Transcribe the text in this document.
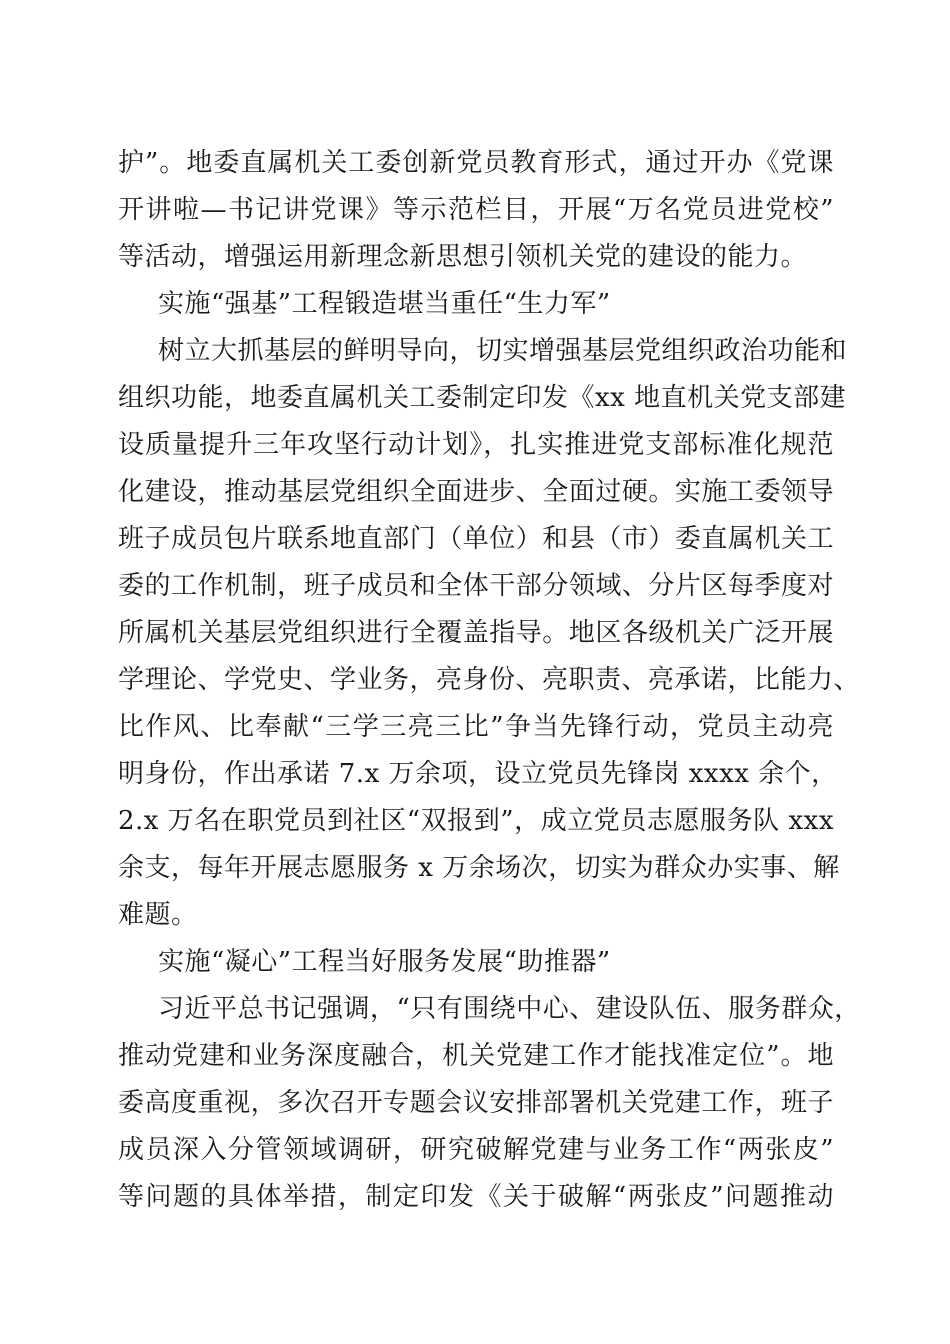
护”。地委直属机关工委创新党员教育形式，通过开办《党课
开讲啦—书记讲党课》等示范栏目，开展“万名党员进党校”
等活动，增强运用新理念新思想引领机关党的建设的能力。
实施“强基”工程锻造堪当重任“生力军”
树立大抓基层的鲜明导向，切实增强基层党组织政治功能和
组织功能，地委直属机关工委制定印发《xx 地直机关党支部建
设质量提升三年攻坚行动计划》，扎实推进党支部标准化规范
化建设，推动基层党组织全面进步、全面过硬。实施工委领导
班子成员包片联系地直部门（单位）和县（市）委直属机关工
委的工作机制，班子成员和全体干部分领域、分片区每季度对
所属机关基层党组织进行全覆盖指导。地区各级机关广泛开展
学理论、学党史、学业务，亮身份、亮职责、亮承诺，比能力、
比作风、比奉献“三学三亮三比”争当先锋行动，党员主动亮
明身份，作出承诺 7.x 万余项，设立党员先锋岗 xxxx 余个，
2.x 万名在职党员到社区“双报到”，成立党员志愿服务队 xxx
余支，每年开展志愿服务 x 万余场次，切实为群众办实事、解
难题。
实施“凝心”工程当好服务发展“助推器”
习近平总书记强调，“只有围绕中心、建设队伍、服务群众，
推动党建和业务深度融合，机关党建工作才能找准定位”。地
委高度重视，多次召开专题会议安排部署机关党建工作，班子
成员深入分管领域调研，研究破解党建与业务工作“两张皮”
等问题的具体举措，制定印发《关于破解“两张皮”问题推动
